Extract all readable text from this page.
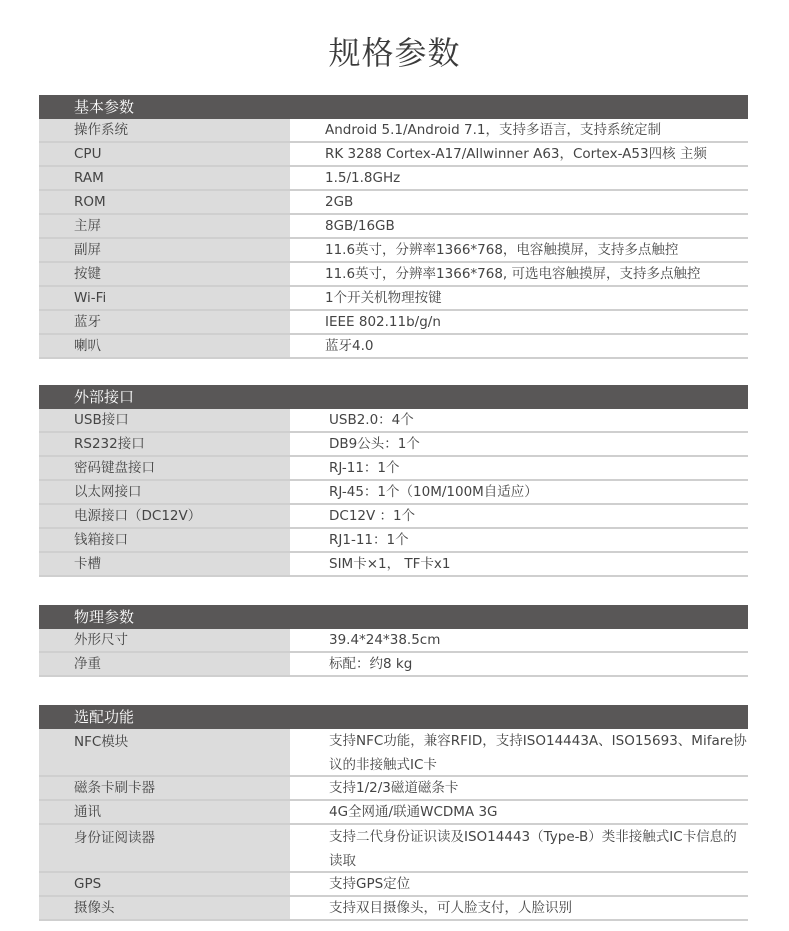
规格参数
基本参数
操作系统	Android 5.1/Android 7.1，支持多语言，支持系统定制
CPU	RK 3288 Cortex-A17/Allwinner A63，Cortex-A53四核 主频
RAM	1.5/1.8GHz
ROM	2GB
主屏	8GB/16GB
副屏	11.6英寸，分辨率1366*768，电容触摸屏，支持多点触控
按键	11.6英寸，分辨率1366*768, 可选电容触摸屏，支持多点触控
Wi-Fi	1个开关机物理按键
蓝牙	IEEE 802.11b/g/n
喇叭	蓝牙4.0
外部接口
USB接口	USB2.0：4个
RS232接口	DB9公头：1个
密码键盘接口	RJ-11：1个
以太网接口	RJ-45：1个（10M/100M自适应）
电源接口（DC12V）	DC12V ：1个
钱箱接口	RJ1-11：1个
卡槽	SIM卡×1， TF卡x1
物理参数
外形尺寸	39.4*24*38.5cm
净重	标配：约8 kg
选配功能
NFC模块	支持NFC功能，兼容RFID，支持ISO14443A、ISO15693、Mifare协议的非接触式IC卡
磁条卡刷卡器	支持1/2/3磁道磁条卡
通讯	4G全网通/联通WCDMA 3G
身份证阅读器	支持二代身份证识读及ISO14443（Type-B）类非接触式IC卡信息的读取
GPS	支持GPS定位
摄像头	支持双目摄像头，可人脸支付，人脸识别
